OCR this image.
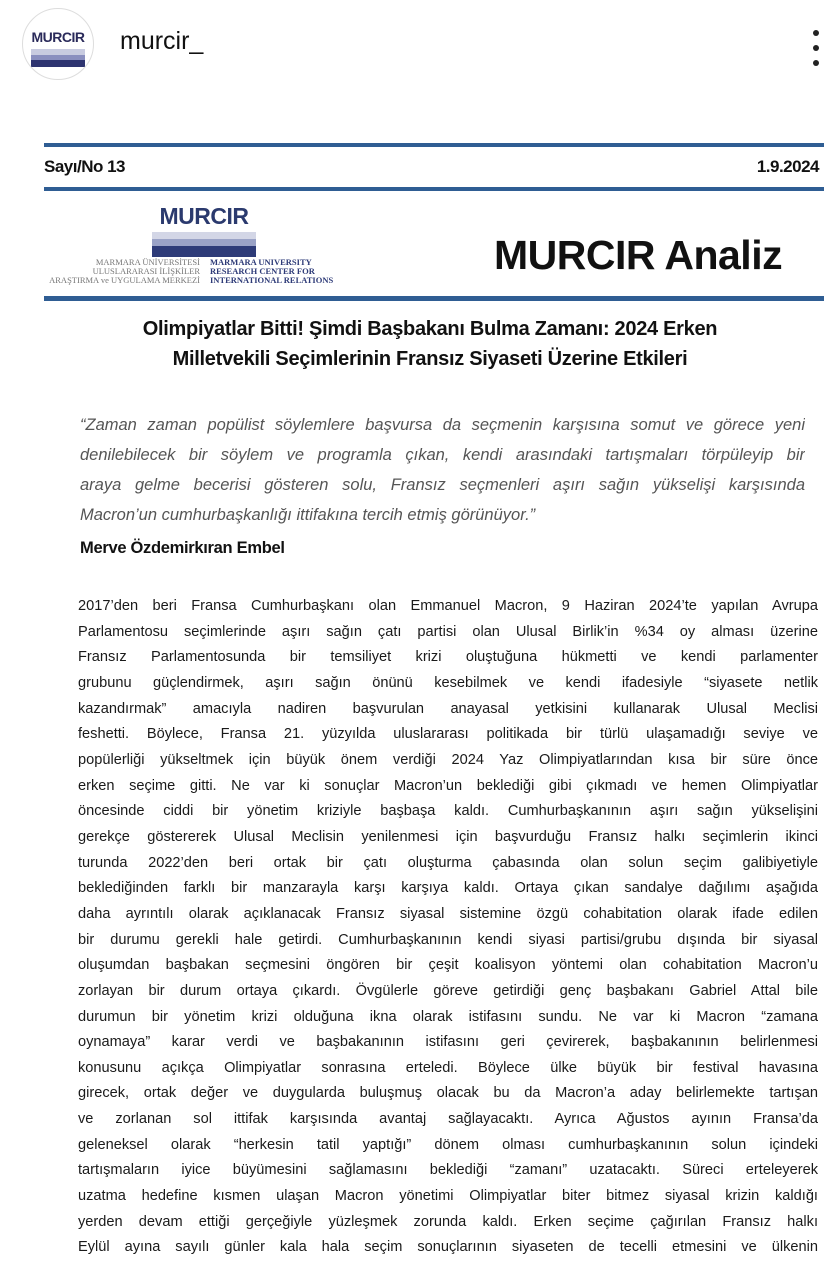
MURCIR	murcir_
Sayı/No 13	1.9.2024
MURCIR
MARMARA ÜNİVERSİTESİ
ULUSLARARASI İLİŞKİLER
ARAŞTIRMA ve UYGULAMA MERKEZİ
MARMARA UNIVERSITY
RESEARCH CENTER FOR
INTERNATIONAL RELATIONS
MURCIR Analiz
Olimpiyatlar Bitti! Şimdi Başbakanı Bulma Zamanı: 2024 Erken
Milletvekili Seçimlerinin Fransız Siyaseti Üzerine Etkileri
“Zaman zaman popülist söylemlere başvursa da seçmenin karşısına somut ve görece yeni
denilebilecek bir söylem ve programla çıkan, kendi arasındaki tartışmaları törpüleyip bir
araya gelme becerisi gösteren solu, Fransız seçmenleri aşırı sağın yükselişi karşısında
Macron’un cumhurbaşkanlığı ittifakına tercih etmiş görünüyor.”
Merve Özdemirkıran Embel
2017’den beri Fransa Cumhurbaşkanı olan Emmanuel Macron, 9 Haziran 2024’te yapılan Avrupa
Parlamentosu seçimlerinde aşırı sağın çatı partisi olan Ulusal Birlik’in %34 oy alması üzerine
Fransız Parlamentosunda bir temsiliyet krizi oluştuğuna hükmetti ve kendi parlamenter
grubunu güçlendirmek, aşırı sağın önünü kesebilmek ve kendi ifadesiyle “siyasete netlik
kazandırmak” amacıyla nadiren başvurulan anayasal yetkisini kullanarak Ulusal Meclisi
feshetti. Böylece, Fransa 21. yüzyılda uluslararası politikada bir türlü ulaşamadığı seviye ve
popülerliği yükseltmek için büyük önem verdiği 2024 Yaz Olimpiyatlarından kısa bir süre önce
erken seçime gitti. Ne var ki sonuçlar Macron’un beklediği gibi çıkmadı ve hemen Olimpiyatlar
öncesinde ciddi bir yönetim kriziyle başbaşa kaldı. Cumhurbaşkanının aşırı sağın yükselişini
gerekçe göstererek Ulusal Meclisin yenilenmesi için başvurduğu Fransız halkı seçimlerin ikinci
turunda 2022’den beri ortak bir çatı oluşturma çabasında olan solun seçim galibiyetiyle
beklediğinden farklı bir manzarayla karşı karşıya kaldı. Ortaya çıkan sandalye dağılımı aşağıda
daha ayrıntılı olarak açıklanacak Fransız siyasal sistemine özgü cohabitation olarak ifade edilen
bir durumu gerekli hale getirdi. Cumhurbaşkanının kendi siyasi partisi/grubu dışında bir siyasal
oluşumdan başbakan seçmesini öngören bir çeşit koalisyon yöntemi olan cohabitation Macron’u
zorlayan bir durum ortaya çıkardı. Övgülerle göreve getirdiği genç başbakanı Gabriel Attal bile
durumun bir yönetim krizi olduğuna ikna olarak istifasını sundu. Ne var ki Macron “zamana
oynamaya” karar verdi ve başbakanının istifasını geri çevirerek, başbakanının belirlenmesi
konusunu açıkça Olimpiyatlar sonrasına erteledi. Böylece ülke büyük bir festival havasına
girecek, ortak değer ve duygularda buluşmuş olacak bu da Macron’a aday belirlemekte tartışan
ve zorlanan sol ittifak karşısında avantaj sağlayacaktı. Ayrıca Ağustos ayının Fransa’da
geleneksel olarak “herkesin tatil yaptığı” dönem olması cumhurbaşkanının solun içindeki
tartışmaların iyice büyümesini sağlamasını beklediği “zamanı” uzatacaktı. Süreci erteleyerek
uzatma hedefine kısmen ulaşan Macron yönetimi Olimpiyatlar biter bitmez siyasal krizin kaldığı
yerden devam ettiği gerçeğiyle yüzleşmek zorunda kaldı. Erken seçime çağırılan Fransız halkı
Eylül ayına sayılı günler kala hala seçim sonuçlarının siyaseten de tecelli etmesini ve ülkenin
